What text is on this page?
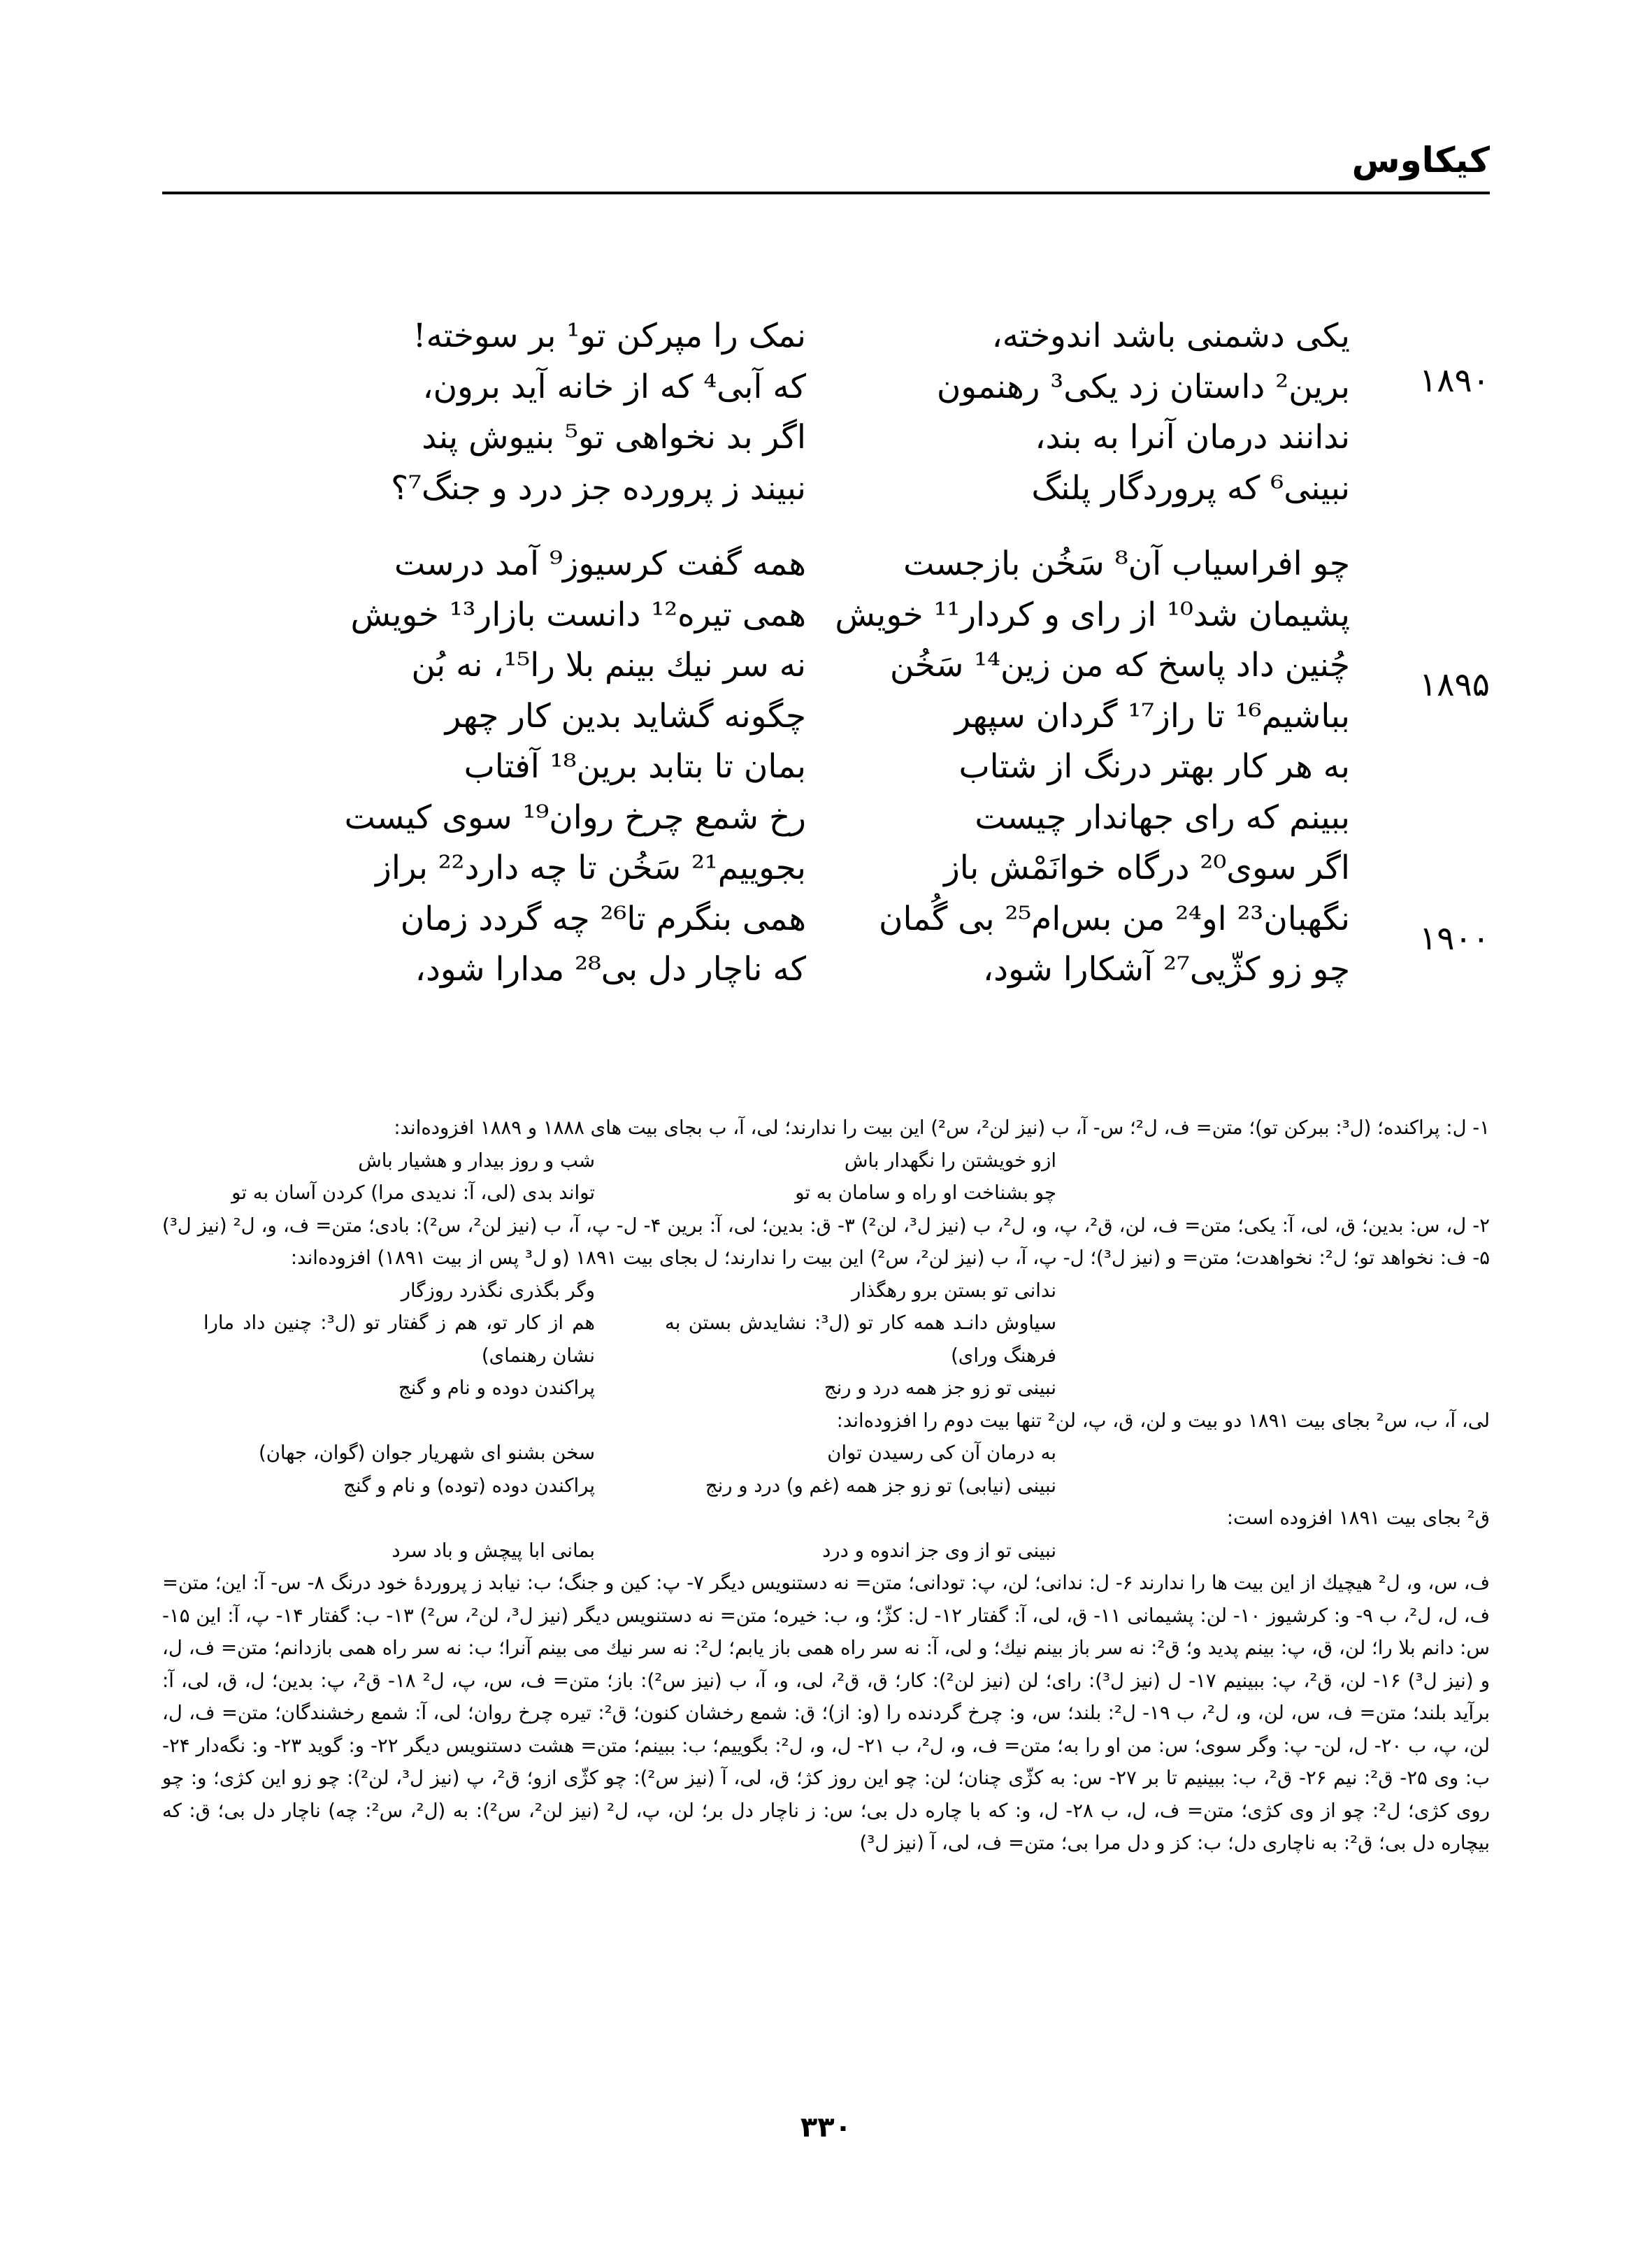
کیکاوس
۱۸۹۰
۱۸۹۵
۱۹۰۰
یکی دشمنی باشد اندوخته،
برین² داستان زد یکی³ رهنمون
ندانند درمان آنرا به بند،
نبینی⁶ که پروردگار پلنگ
چو افراسیاب آن⁸ سَخُن بازجست
پشیمان شد¹⁰ از رای و کردار¹¹ خویش
چُنین داد پاسخ که من زین¹⁴ سَخُن
بباشیم¹⁶ تا راز¹⁷ گردان سپهر
به هر کار بهتر درنگ از شتاب
ببینم که رای جهاندار چیست
اگر سوی²⁰ درگاه خوانَمْش باز
نگهبان²³ او²⁴ من بس‌ام²⁵ بی گُمان
چو زو کژّیی²⁷ آشکارا شود،
نمک را مپرکن تو¹ بر سوخته!
که آبی⁴ که از خانه آید برون،
اگر بد نخواهی تو⁵ بنیوش پند
نبیند ز پرورده جز درد و جنگ⁷؟
همه گفت کرسیوز⁹ آمد درست
همی تیره¹² دانست بازار¹³ خویش
نه سر نیك بینم بلا را¹⁵، نه بُن
چگونه گشاید بدین کار چهر
بمان تا بتابد برین¹⁸ آفتاب
رخ شمع چرخ روان¹⁹ سوی کیست
بجوییم²¹ سَخُن تا چه دارد²² براز
همی بنگرم تا²⁶ چه گردد زمان
که ناچار دل بی²⁸ مدارا شود،

۱- ل: پراکنده؛ (ل³: ببرکن تو)؛ متن= ف، ل²؛ س- آ، ب (نیز لن²، س²) این بیت را ندارند؛ لی، آ، ب بجای بیت های ۱۸۸۸ و ۱۸۸۹ افزوده‌اند:

ازو خویشتن را نگهدار باش
شب و روز بیدار و هشیار باش
چو بشناخت او راه و سامان به تو
تواند بدی (لی، آ: ندیدی مرا) کردن آسان به تو

۲- ل، س: بدین؛ ق، لی، آ: یکی؛ متن= ف، لن، ق²، پ، و، ل²، ب (نیز ل³، لن²) ۳- ق: بدین؛ لی، آ: برین ۴- ل- پ، آ، ب (نیز لن²، س²): بادی؛ متن= ف، و، ل² (نیز ل³) ۵- ف: نخواهد تو؛ ل²: نخواهدت؛ متن= و (نیز ل³)؛ ل- پ، آ، ب (نیز لن²، س²) این بیت را ندارند؛ ل بجای بیت ۱۸۹۱ (و ل³ پس از بیت ۱۸۹۱) افزوده‌اند:

ندانی تو بستن برو رهگذار
وگر بگذری نگذرد روزگار
سیاوش دانـد همه کار تو (ل³: نشایدش بستن به فرهنگ ورای)
هم از کار تو، هم ز گفتار تو (ل³: چنین داد مارا نشان رهنمای)
نبینی تو زو جز همه درد و رنج
پراکندن دوده و نام و گنج

لی، آ، ب، س² بجای بیت ۱۸۹۱ دو بیت و لن، ق، پ، لن² تنها بیت دوم را افزوده‌اند:

به درمان آن کی رسیدن توان
سخن بشنو ای شهریار جوان (گوان، جهان)
نبینی (نیابی) تو زو جز همه (غم و) درد و رنج
پراکندن دوده (توده) و نام و گنج

ق² بجای بیت ۱۸۹۱ افزوده است:

نبینی تو از وی جز اندوه و درد
بمانی ابا پیچش و باد سرد

ف، س، و، ل² هیچیك از این بیت ها را ندارند ۶- ل: ندانی؛ لن، پ: تودانی؛ متن= نه دستنویس دیگر ۷- پ: کین و جنگ؛ ب: نیابد ز پرورده‌ٔ خود درنگ ۸- س- آ: این؛ متن= ف، ل، ل²، ب ۹- و: کرشیوز ۱۰- لن: پشیمانی ۱۱- ق، لی، آ: گفتار ۱۲- ل: کژّ؛ و، ب: خیره؛ متن= نه دستنویس دیگر (نیز ل³، لن²، س²) ۱۳- ب: گفتار ۱۴- پ، آ: این ۱۵- س: دانم بلا را؛ لن، ق، پ: بینم پدید و؛ ق²: نه سر باز بینم نیك؛ و لی، آ: نه سر راه همی باز یابم؛ ل²: نه سر نیك می بینم آنرا؛ ب: نه سر راه همی بازدانم؛ متن= ف، ل، و (نیز ل³) ۱۶- لن، ق²، پ: ببینیم ۱۷- ل (نیز ل³): رای؛ لن (نیز لن²): کار؛ ق، ق²، لی، و، آ، ب (نیز س²): باز؛ متن= ف، س، پ، ل² ۱۸- ق²، پ: بدین؛ ل، ق، لی، آ: برآید بلند؛ متن= ف، س، لن، و، ل²، ب ۱۹- ل²: بلند؛ س، و: چرخ گردنده را (و: از)؛ ق: شمع رخشان کنون؛ ق²: تیره چرخ روان؛ لی، آ: شمع رخشندگان؛ متن= ف، ل، لن، پ، ب ۲۰- ل، لن- پ: وگر سوی؛ س: من او را به؛ متن= ف، و، ل²، ب ۲۱- ل، و، ل²: بگوییم؛ ب: ببینم؛ متن= هشت دستنویس دیگر ۲۲- و: گوید ۲۳- و: نگه‌دار ۲۴- ب: وی ۲۵- ق²: نیم ۲۶- ق²، ب: ببینیم تا بر ۲۷- س: به کژّی چنان؛ لن: چو این روز کژ؛ ق، لی، آ (نیز س²): چو کژّی ازو؛ ق²، پ (نیز ل³، لن²): چو زو این کژی؛ و: چو روی کژی؛ ل²: چو از وی کژی؛ متن= ف، ل، ب ۲۸- ل، و: که با چاره دل بی؛ س: ز ناچار دل بر؛ لن، پ، ل² (نیز لن²، س²): به (ل²، س²: چه) ناچار دل بی؛ ق: که بیچاره دل بی؛ ق²: به ناچاری دل؛ ب: کز و دل مرا بی؛ متن= ف، لی، آ (نیز ل³)

۳۳۰
